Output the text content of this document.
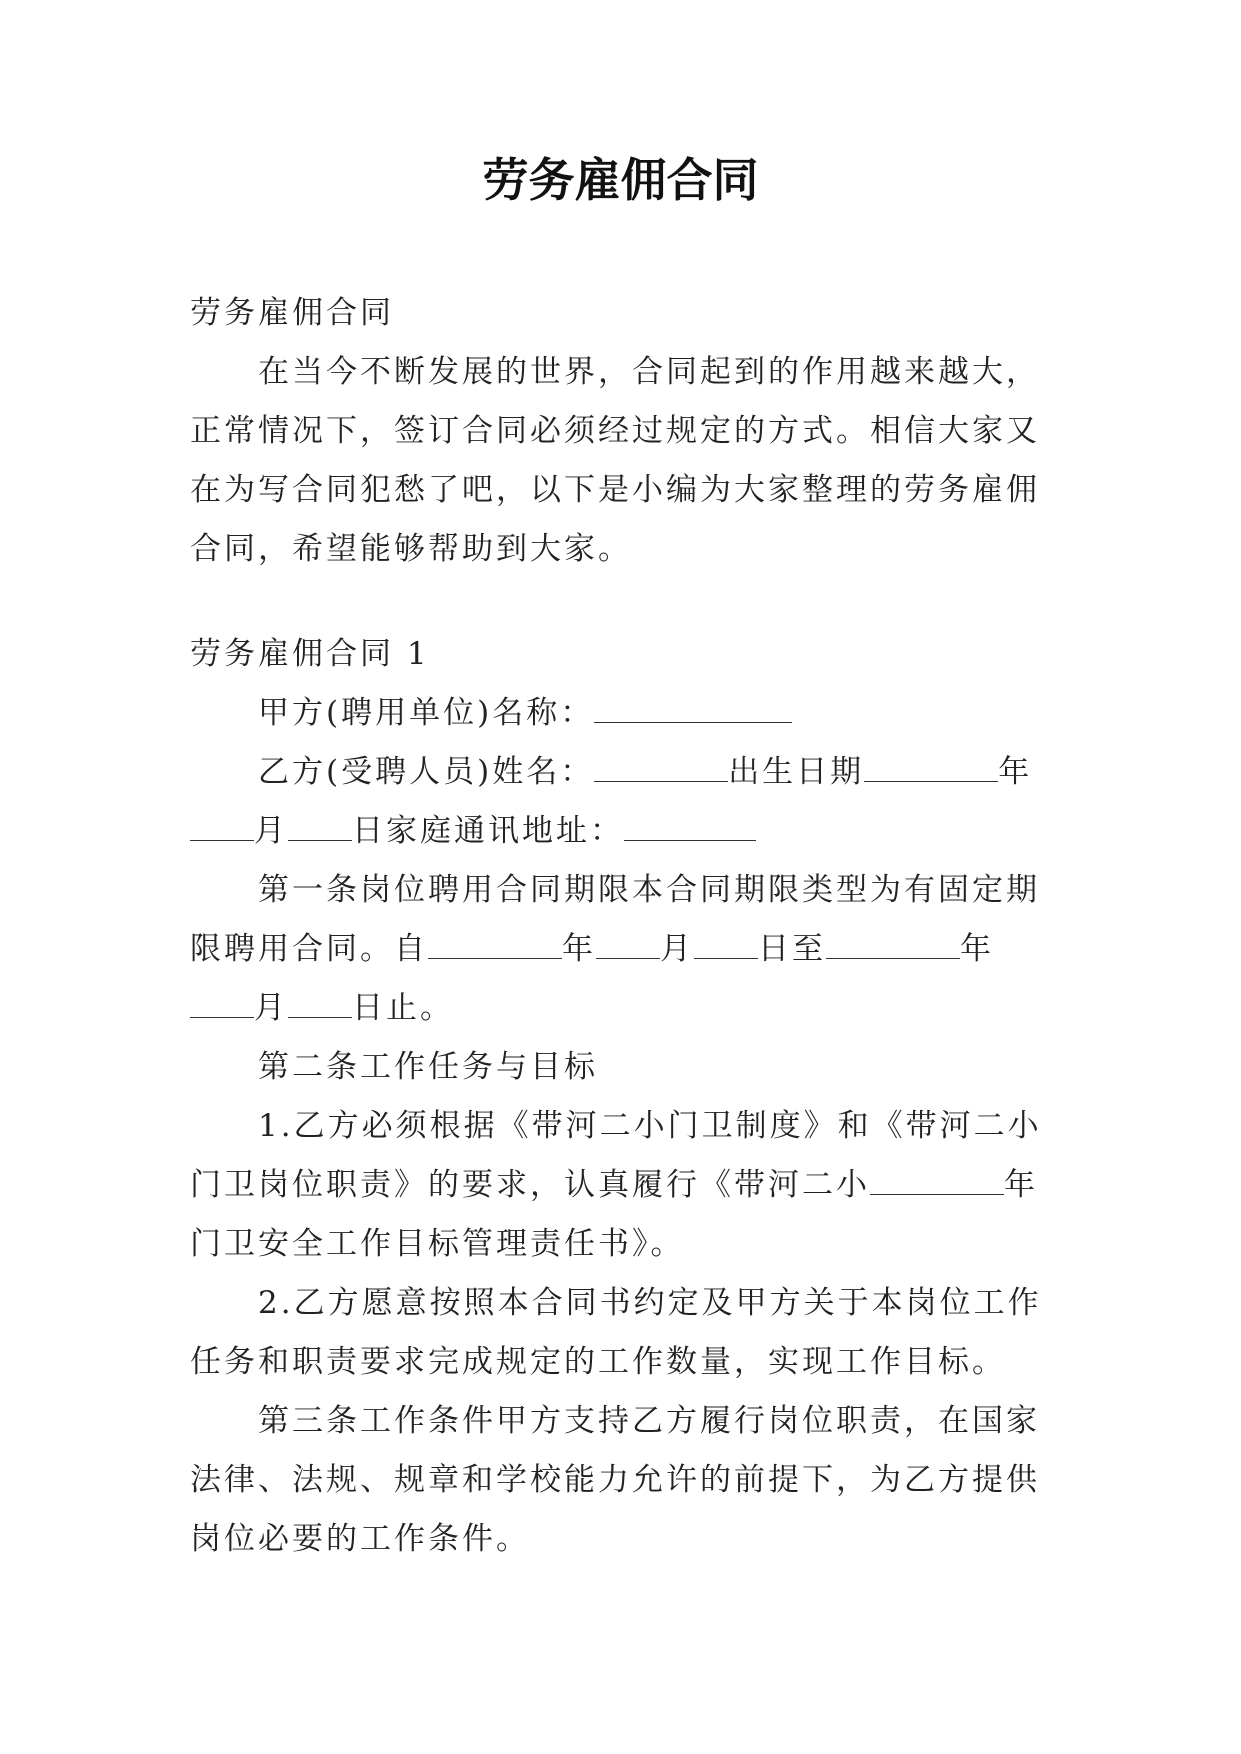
劳务雇佣合同

劳务雇佣合同

在当今不断发展的世界，合同起到的作用越来越大，正常情况下，签订合同必须经过规定的方式。相信大家又在为写合同犯愁了吧，以下是小编为大家整理的劳务雇佣合同，希望能够帮助到大家。

劳务雇佣合同 1

甲方(聘用单位)名称：

乙方(受聘人员)姓名：	出生日期	年月 日家庭通讯地址：

第一条岗位聘用合同期限本合同期限类型为有固定期限聘用合同。自	年 月 日至	年月 日止。

第二条工作任务与目标

1.乙方必须根据《带河二小门卫制度》和《带河二小门卫岗位职责》的要求，认真履行《带河二小	年门卫安全工作目标管理责任书》。

2.乙方愿意按照本合同书约定及甲方关于本岗位工作任务和职责要求完成规定的工作数量，实现工作目标。

第三条工作条件甲方支持乙方履行岗位职责，在国家法律、法规、规章和学校能力允许的前提下，为乙方提供岗位必要的工作条件。
